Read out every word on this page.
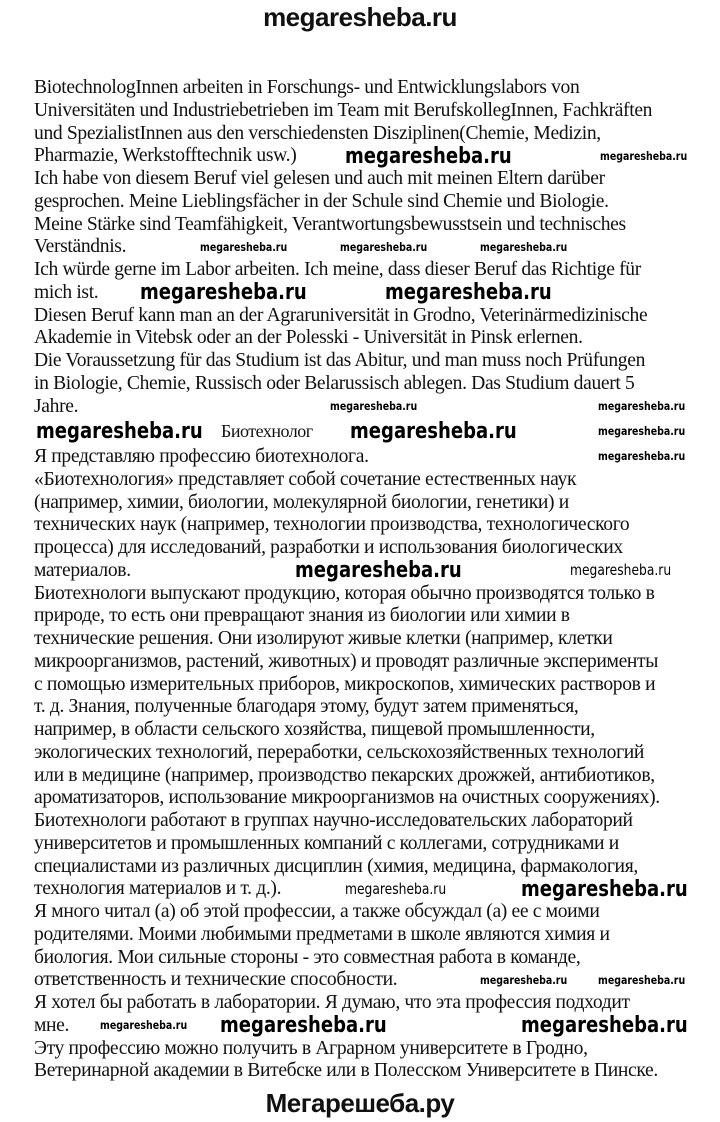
megaresheba.ru
BiotechnologInnen arbeiten in Forschungs- und Entwicklungslabors von
Universitäten und Industriebetrieben im Team mit BerufskollegInnen, Fachkräften
und SpezialistInnen aus den verschiedensten Disziplinen(Chemie, Medizin,
Pharmazie, Werkstofftechnik usw.)
Ich habe von diesem Beruf viel gelesen und auch mit meinen Eltern darüber
gesprochen. Meine Lieblingsfächer in der Schule sind Chemie und Biologie.
Meine Stärke sind Teamfähigkeit, Verantwortungsbewusstsein und technisches
Verständnis.
Ich würde gerne im Labor arbeiten. Ich meine, dass dieser Beruf das Richtige für
mich ist.
Diesen Beruf kann man an der Agraruniversität in Grodno, Veterinärmedizinische
Akademie in Vitebsk oder an der Polesski - Universität in Pinsk erlernen.
Die Voraussetzung für das Studium ist das Abitur, und man muss noch Prüfungen
in Biologie, Chemie, Russisch oder Belarussisch ablegen. Das Studium dauert 5
Jahre.
Биотехнолог
Я представляю профессию биотехнолога.
«Биотехнология» представляет собой сочетание естественных наук
(например, химии, биологии, молекулярной биологии, генетики) и
технических наук (например, технологии производства, технологического
процесса) для исследований, разработки и использования биологических
материалов.
Биотехнологи выпускают продукцию, которая обычно производятся только в
природе, то есть они превращают знания из биологии или химии в
технические решения. Они изолируют живые клетки (например, клетки
микроорганизмов, растений, животных) и проводят различные эксперименты
с помощью измерительных приборов, микроскопов, химических растворов и
т. д. Знания, полученные благодаря этому, будут затем применяться,
например, в области сельского хозяйства, пищевой промышленности,
экологических технологий, переработки, сельскохозяйственных технологий
или в медицине (например, производство пекарских дрожжей, антибиотиков,
ароматизаторов, использование микроорганизмов на очистных сооружениях).
Биотехнологи работают в группах научно-исследовательских лабораторий
университетов и промышленных компаний с коллегами, сотрудниками и
специалистами из различных дисциплин (химия, медицина, фармакология,
технология материалов и т. д.).
Я много читал (а) об этой профессии, а также обсуждал (а) ее с моими
родителями. Моими любимыми предметами в школе являются химия и
биология. Мои сильные стороны - это совместная работа в команде,
ответственность и технические способности.
Я хотел бы работать в лаборатории. Я думаю, что эта профессия подходит
мне.
Эту профессию можно получить в Аграрном университете в Гродно,
Ветеринарной академии в Витебске или в Полесском Университете в Пинске.
megaresheba.ru	megaresheba.ru
megaresheba.ru	megaresheba.ru	megaresheba.ru
megaresheba.ru	megaresheba.ru
megaresheba.ru	megaresheba.ru
megaresheba.ru	megaresheba.ru	megaresheba.ru
megaresheba.ru
megaresheba.ru	megaresheba.ru
megaresheba.ru	megaresheba.ru
megaresheba.ru	megaresheba.ru
megaresheba.ru megaresheba.ru	megaresheba.ru
Мегарешеба.ру
